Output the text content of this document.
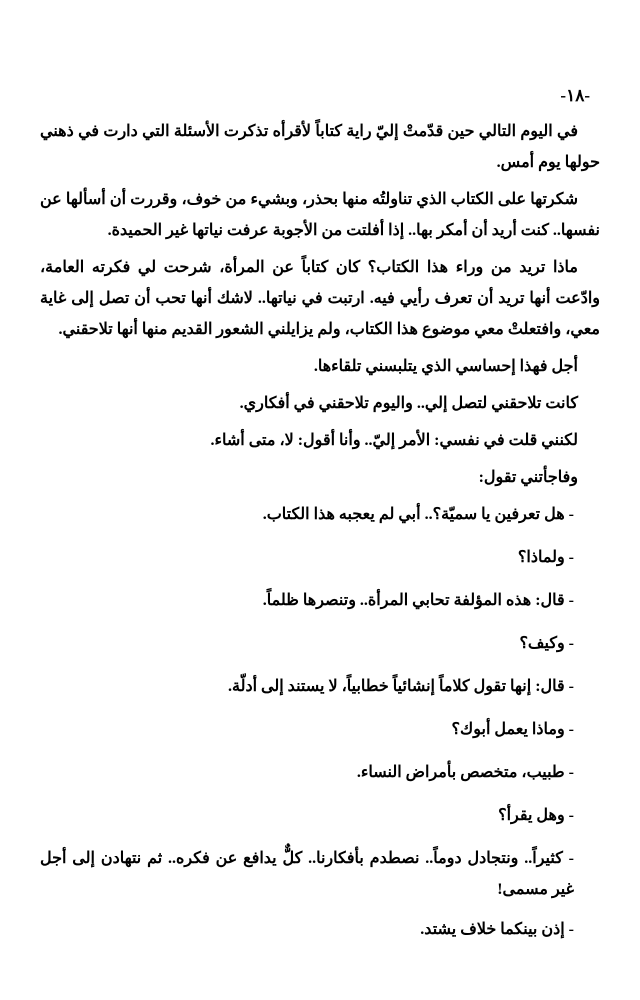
-١٨-

في اليوم التالي حين قدّمتْ إليّ راية كتاباً لأقرأه تذكرت الأسئلة التي دارت في ذهني حولها يوم أمس.

شكرتها على الكتاب الذي تناولتُه منها بحذر، وبشيء من خوف، وقررت أن أسألها عن نفسها.. كنت أريد أن أمكر بها.. إذا أفلتت من الأجوبة عرفت نياتها غير الحميدة.

ماذا تريد من وراء هذا الكتاب؟ كان كتاباً عن المرأة، شرحت لي فكرته العامة، وادّعت أنها تريد أن تعرف رأيي فيه. ارتبت في نياتها.. لاشك أنها تحب أن تصل إلى غاية معي، وافتعلتْ معي موضوع هذا الكتاب، ولم يزايلني الشعور القديم منها أنها تلاحقني.

أجل فهذا إحساسي الذي يتلبسني تلقاءها.

كانت تلاحقني لتصل إلي.. واليوم تلاحقني في أفكاري.

لكنني قلت في نفسي: الأمر إليّ.. وأنا أقول: لا، متى أشاء.

وفاجأتني تقول:

- هل تعرفين يا سميّة؟.. أبي لم يعجبه هذا الكتاب.

- ولماذا؟

- قال: هذه المؤلفة تحابي المرأة.. وتنصرها ظلماً.

- وكيف؟

- قال: إنها تقول كلاماً إنشائياً خطابياً، لا يستند إلى أدلّة.

- وماذا يعمل أبوك؟

- طبيب، متخصص بأمراض النساء.

- وهل يقرأ؟

- كثيراً.. ونتجادل دوماً.. نصطدم بأفكارنا.. كلٌّ يدافع عن فكره.. ثم نتهادن إلى أجل غير مسمى!

- إذن بينكما خلاف يشتد.
